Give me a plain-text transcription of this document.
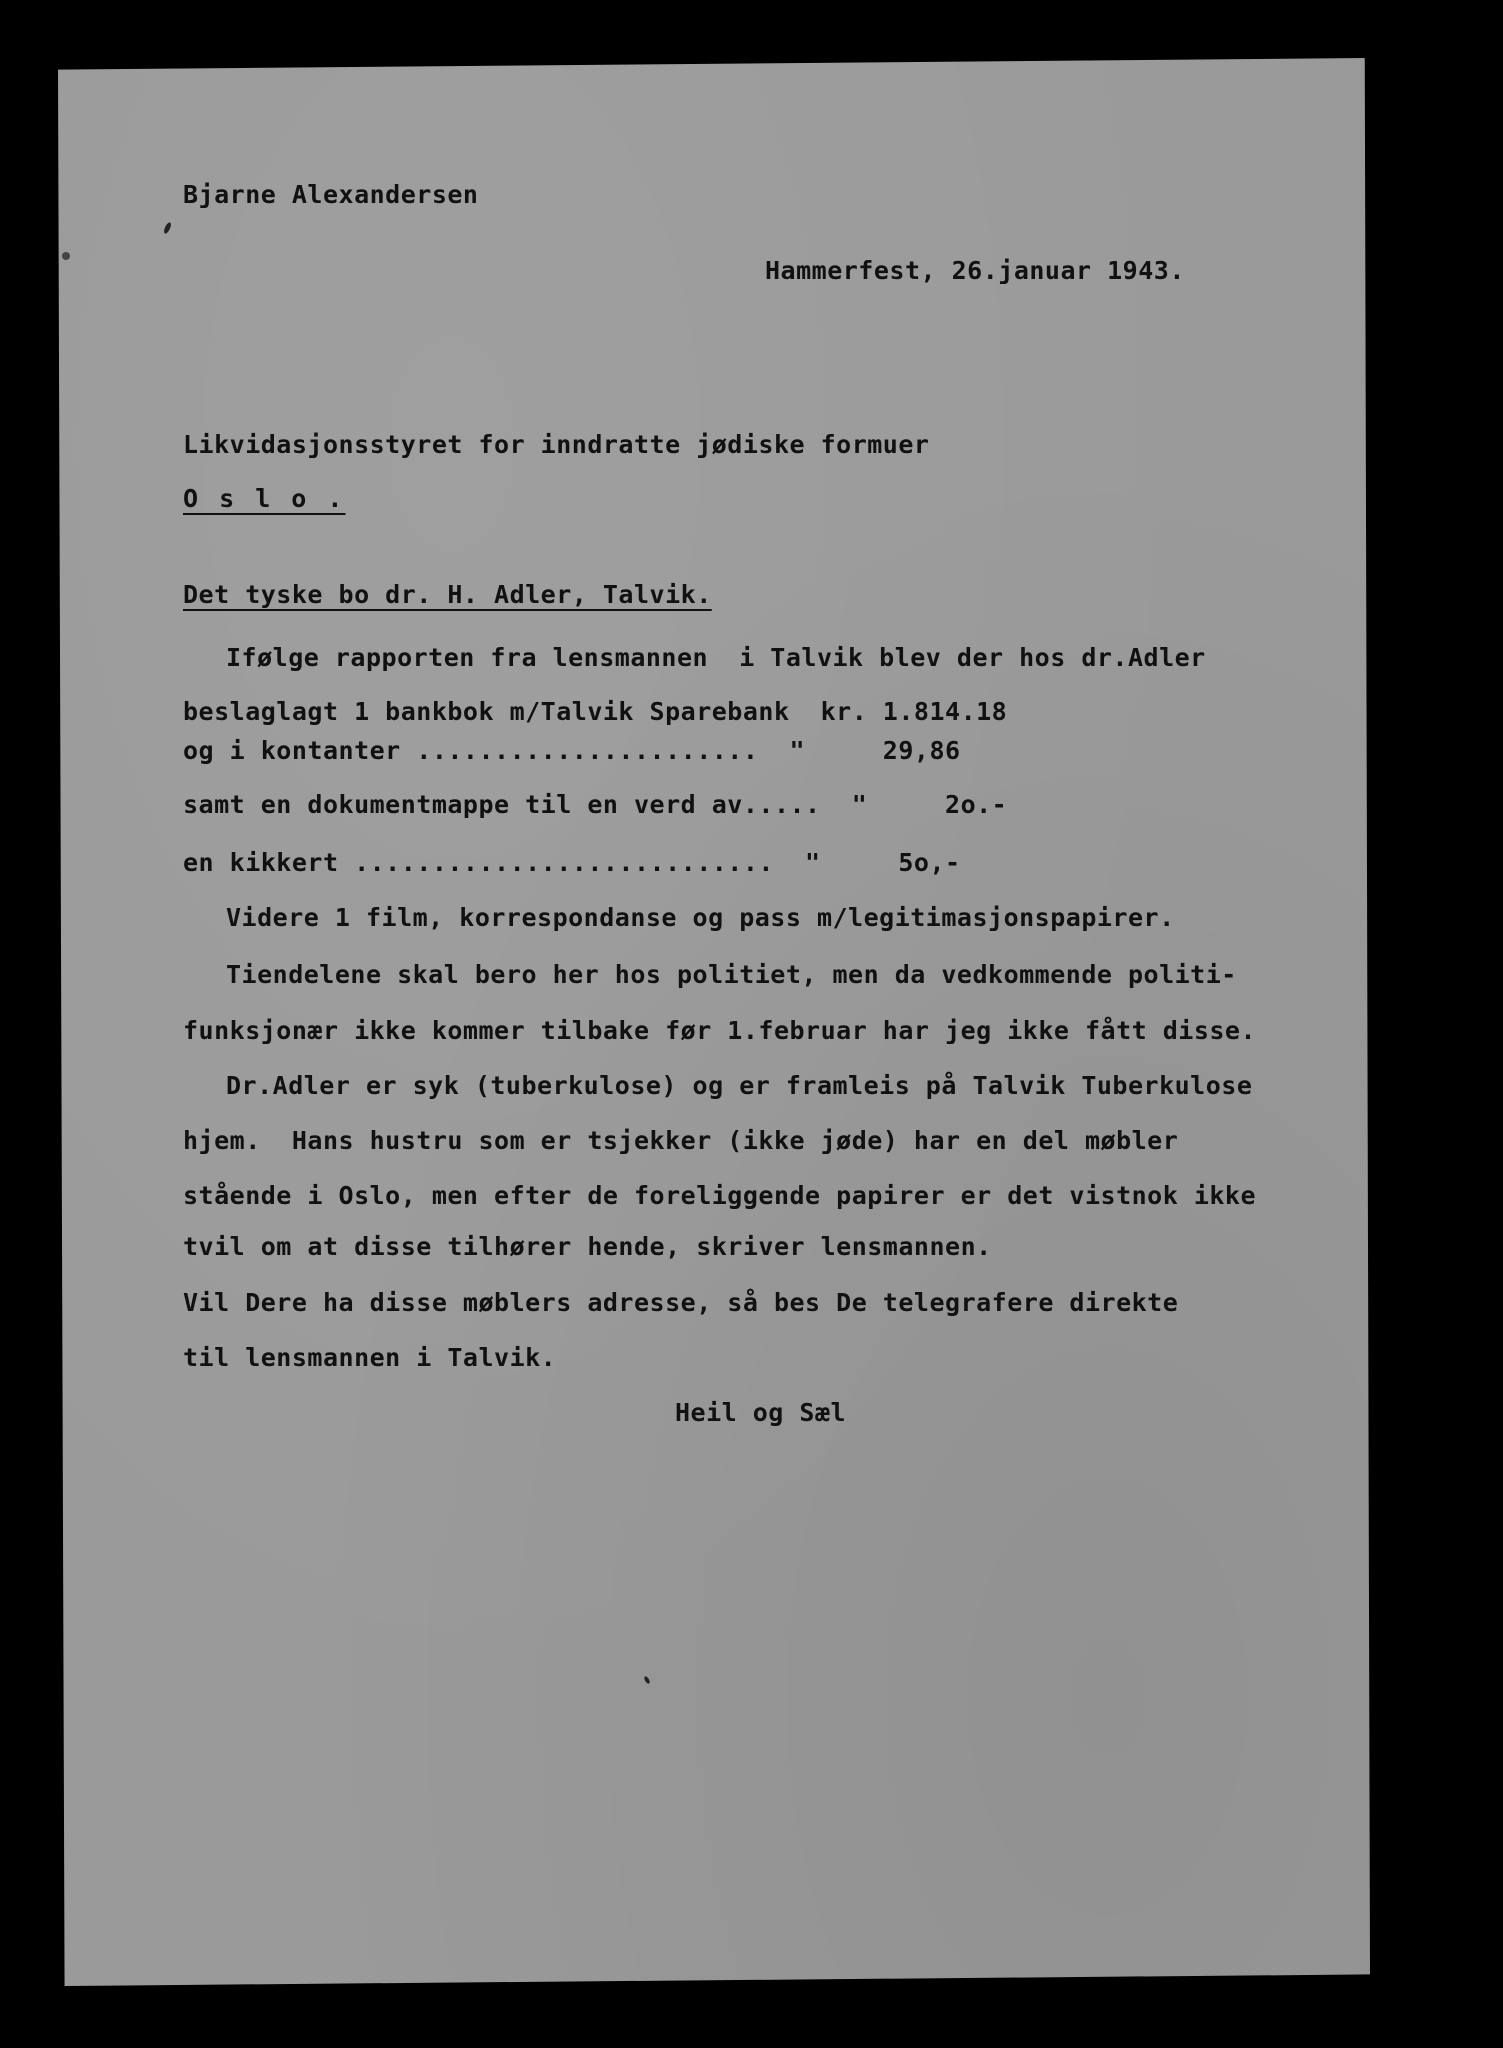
Bjarne Alexandersen
Hammerfest, 26.januar 1943.
Likvidasjonsstyret for inndratte jødiske formuer
O s l o .
Det tyske bo dr. H. Adler, Talvik.
Ifølge rapporten fra lensmannen  i Talvik blev der hos dr.Adler
beslaglagt 1 bankbok m/Talvik Sparebank  kr. 1.814.18
og i kontanter ......................  "     29,86
samt en dokumentmappe til en verd av.....  "     2o.-
en kikkert ...........................  "     5o,-
Videre 1 film, korrespondanse og pass m/legitimasjonspapirer.
Tiendelene skal bero her hos politiet, men da vedkommende politi-
funksjonær ikke kommer tilbake før 1.februar har jeg ikke fått disse.
Dr.Adler er syk (tuberkulose) og er framleis på Talvik Tuberkulose
hjem.  Hans hustru som er tsjekker (ikke jøde) har en del møbler
stående i Oslo, men efter de foreliggende papirer er det vistnok ikke
tvil om at disse tilhører hende, skriver lensmannen.
Vil Dere ha disse møblers adresse, så bes De telegrafere direkte
til lensmannen i Talvik.
Heil og Sæl
